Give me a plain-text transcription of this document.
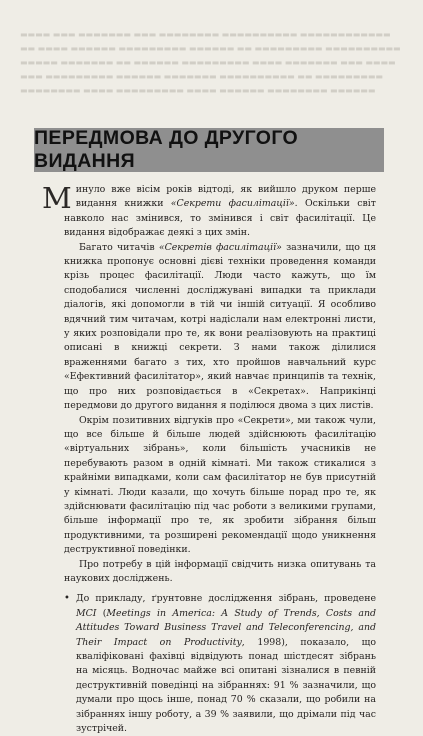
▬▬▬▬ ▬▬▬ ▬▬▬▬▬▬▬ ▬▬▬ ▬▬▬▬▬▬▬▬ ▬▬▬▬▬▬▬▬▬▬ ▬▬▬▬▬▬▬▬▬▬▬▬
▬▬ ▬▬▬▬ ▬▬▬▬▬▬ ▬▬▬▬▬▬▬▬▬ ▬▬▬▬▬▬ ▬▬ ▬▬▬▬▬▬▬▬▬ ▬▬▬▬▬▬▬▬▬▬
▬▬▬▬▬ ▬▬▬▬▬▬▬ ▬▬ ▬▬▬▬▬▬ ▬▬▬▬▬▬▬▬▬ ▬▬▬▬ ▬▬▬▬▬▬▬ ▬▬▬ ▬▬▬▬
▬▬▬ ▬▬▬▬▬▬▬▬▬ ▬▬▬▬▬▬ ▬▬▬▬▬▬▬ ▬▬▬▬▬▬▬▬▬▬ ▬▬ ▬▬▬▬▬▬▬▬▬
▬▬▬▬▬▬▬▬ ▬▬▬▬ ▬▬▬▬▬▬▬▬▬ ▬▬▬▬ ▬▬▬▬▬▬ ▬▬▬▬▬▬▬▬ ▬▬▬▬▬▬
ПЕРЕДМОВА ДО ДРУГОГО ВИДАННЯ

Минуло вже вісім років відтоді, як вийшло друком перше видання книжки «Секрети фасилітації». Оскільки світ навколо нас змінився, то змінився і світ фасилітації. Це видання відображає деякі з цих змін.

Багато читачів «Секретів фасилітації» зазначили, що ця книжка пропонує основні дієві техніки проведення команди крізь процес фасилітації. Люди часто кажуть, що їм сподобалися численні досліджувані випадки та приклади діалогів, які допомогли в тій чи іншій ситуації. Я особливо вдячний тим читачам, котрі надіслали нам електронні листи, у яких розповідали про те, як вони реалізовують на практиці описані в книжці секрети. З нами також ділилися враженнями багато з тих, хто пройшов навчальний курс «Ефективний фасилітатор», який навчає принципів та технік, що про них розповідається в «Секретах». Наприкінці передмови до другого видання я поділюся двома з цих листів.

Окрім позитивних відгуків про «Секрети», ми також чули, що все більше й більше людей здійснюють фасилітацію «віртуальних зібрань», коли більшість учасників не перебувають разом в одній кімнаті. Ми також стикалися з крайніми випадками, коли сам фасилітатор не був присутній у кімнаті. Люди казали, що хочуть більше порад про те, як здійснювати фасилітацію під час роботи з великими групами, більше інформації про те, як зробити зібрання більш продуктивними, та розширені рекомендації щодо уникнення деструктивної поведінки.

Про потребу в цій інформації свідчить низка опитувань та наукових досліджень.

• До прикладу, ґрунтовне дослідження зібрань, проведене MCI (Meetings in America: A Study of Trends, Costs and Attitudes Toward Business Travel and Teleconferencing, and Their Impact on Productivity, 1998), показало, що кваліфіковані фахівці відвідують понад шістдесят зібрань на місяць. Водночас майже всі опитані зізналися в певній деструктивній поведінці на зібраннях: 91 % зазначили, що думали про щось інше, понад 70 % сказали, що робили на зібраннях іншу роботу, а 39 % заявили, що дрімали під час зустрічей.
